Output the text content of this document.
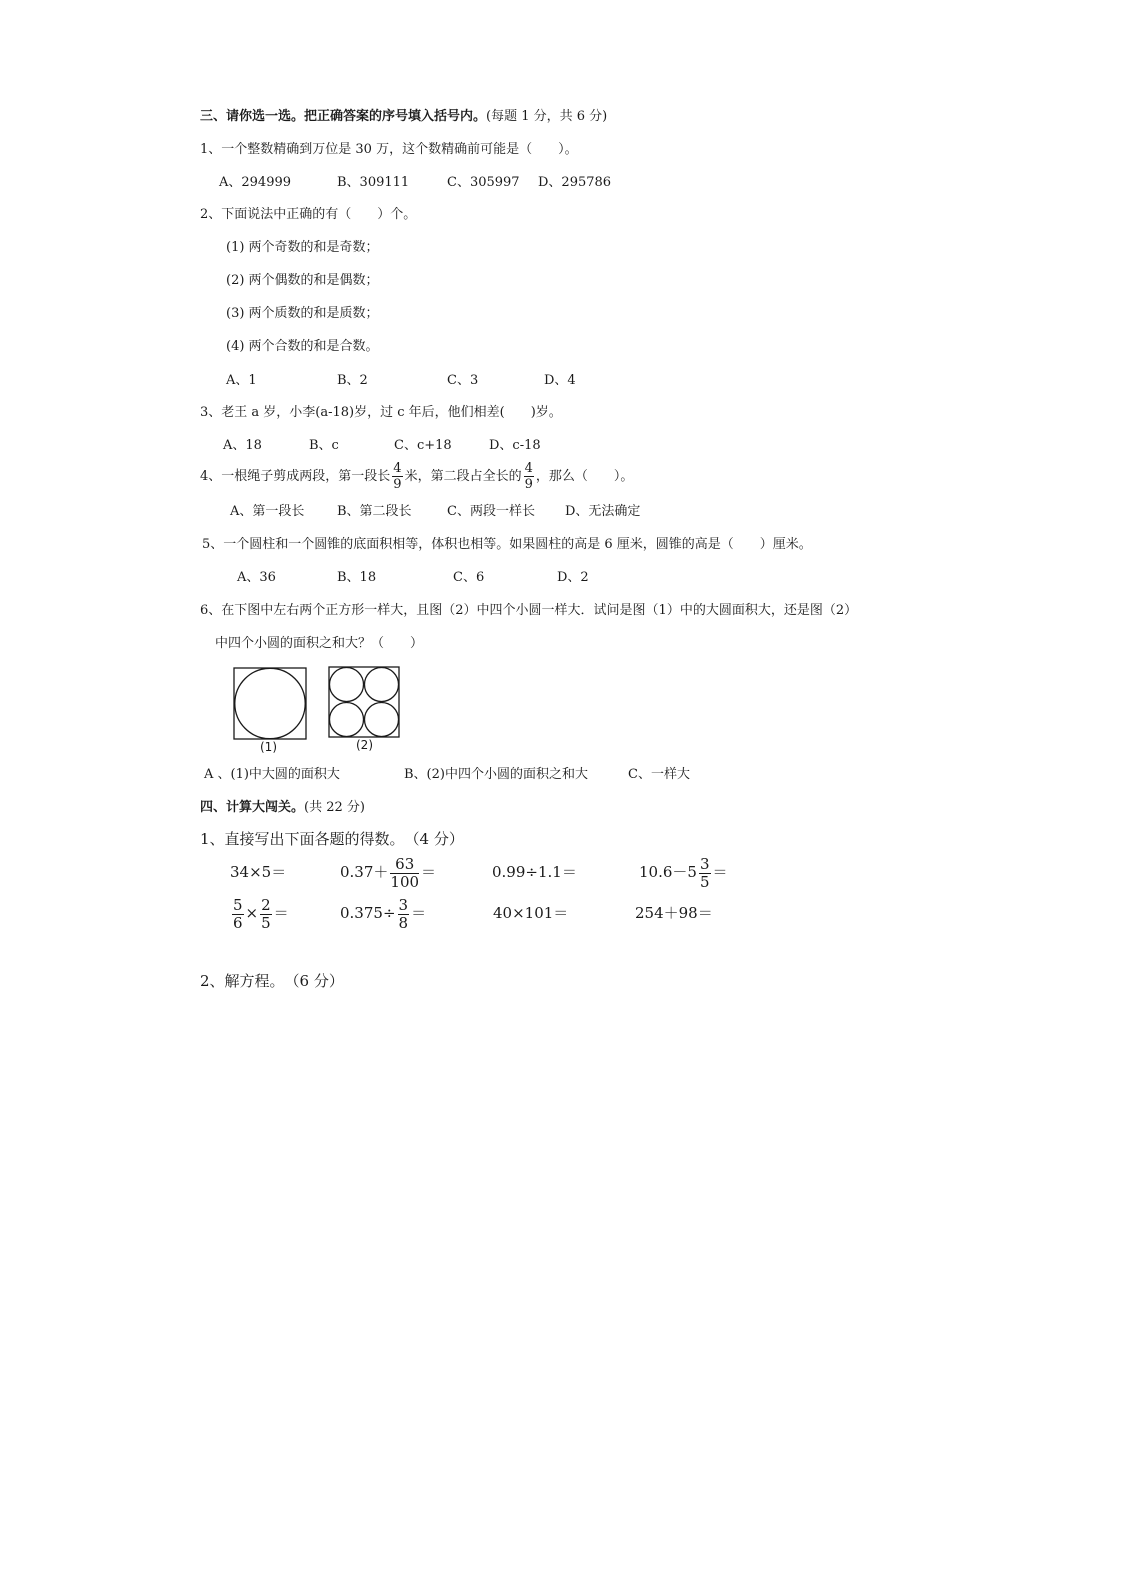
三、请你选一选。把正确答案的序号填入括号内。(每题 1 分，共 6 分)
1、一个整数精确到万位是 30 万，这个数精确前可能是（　　）。
A、294999	B、309111	C、305997 D、295786
2、下面说法中正确的有（　　）个。
(1) 两个奇数的和是奇数；
(2) 两个偶数的和是偶数；
(3) 两个质数的和是质数；
(4) 两个合数的和是合数。
A、1	B、2	C、3	D、4
3、老王 a 岁，小李(a-18)岁，过 c 年后，他们相差(　　)岁。
A、18	B、c	C、c+18	D、c-18
4、一根绳子剪成两段，第一段长 $\frac{4}{9}$ 米，第二段占全长的 $\frac{4}{9}$ ，那么（　　）。
A、第一段长	B、第二段长	C、两段一样长 D、无法确定
5、一个圆柱和一个圆锥的底面积相等，体积也相等。如果圆柱的高是 6 厘米，圆锥的高是（　　）厘米。
A、36	B、18	C、6	D、2
6、在下图中左右两个正方形一样大，且图（2）中四个小圆一样大．试问是图（1）中的大圆面积大，还是图（2）
中四个小圆的面积之和大？（　　）
(1)	(2)
A 、(1)中大圆的面积大	B、(2)中四个小圆的面积之和大	C、一样大
四、计算大闯关。(共 22 分)
1、直接写出下面各题的得数。　（4 分）
34×5＝	$0.37+ \frac{63}{100}$ ＝	0.99÷1.1＝	$10.6-5 \frac{3}{5}$ ＝
$\frac{5}{6} \times \frac{2}{5}$ ＝	$0.375\div \frac{3}{8}$ ＝	40×101＝	254＋98＝
2、解方程。　（6 分）
